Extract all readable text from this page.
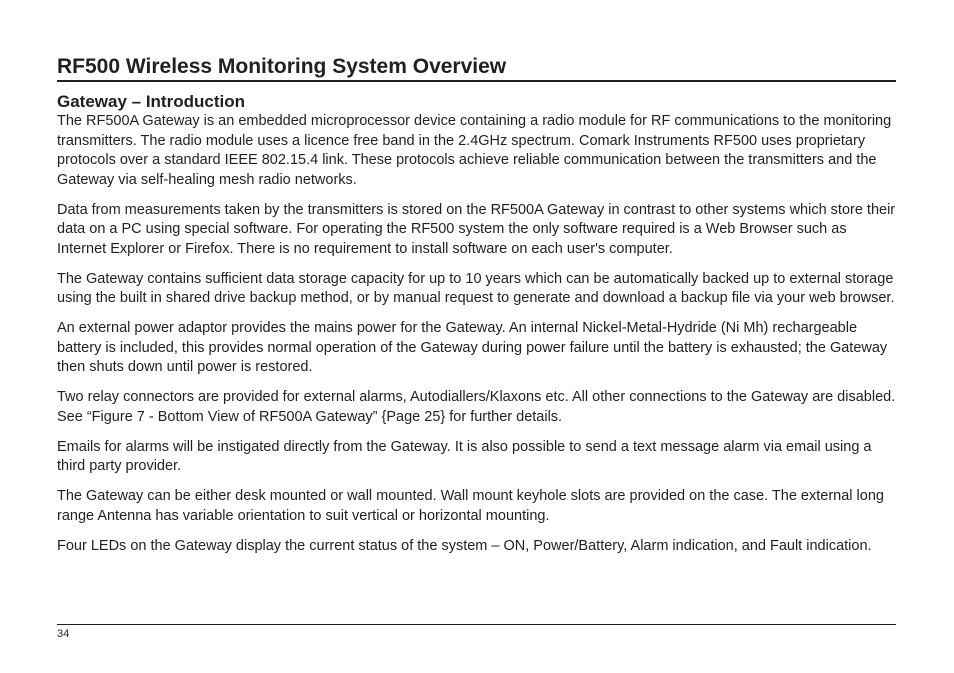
RF500 Wireless Monitoring System Overview
Gateway – Introduction

The RF500A Gateway is an embedded microprocessor device containing a radio module for RF communications to the monitoring transmitters. The radio module uses a licence free band in the 2.4GHz spectrum. Comark Instruments RF500 uses proprietary protocols over a standard IEEE 802.15.4 link. These protocols achieve reliable communication between the transmitters and the Gateway via self-healing mesh radio networks.

Data from measurements taken by the transmitters is stored on the RF500A Gateway in contrast to other systems which store their data on a PC using special software. For operating the RF500 system the only software required is a Web Browser such as Internet Explorer or Firefox. There is no requirement to install software on each user's computer.

The Gateway contains sufficient data storage capacity for up to 10 years which can be automatically backed up to external storage using the built in shared drive backup method, or by manual request to generate and download a backup file via your web browser.

An external power adaptor provides the mains power for the Gateway. An internal Nickel-Metal-Hydride (Ni Mh) rechargeable battery is included, this provides normal operation of the Gateway during power failure until the battery is exhausted; the Gateway then shuts down until power is restored.

Two relay connectors are provided for external alarms, Autodiallers/Klaxons etc. All other connections to the Gateway are disabled. See “Figure 7 - Bottom View of RF500A Gateway” {Page 25} for further details.

Emails for alarms will be instigated directly from the Gateway. It is also possible to send a text message alarm via email using a third party provider.

The Gateway can be either desk mounted or wall mounted. Wall mount keyhole slots are provided on the case. The external long range Antenna has variable orientation to suit vertical or horizontal mounting.

Four LEDs on the Gateway display the current status of the system – ON, Power/Battery, Alarm indication, and Fault indication.

34
